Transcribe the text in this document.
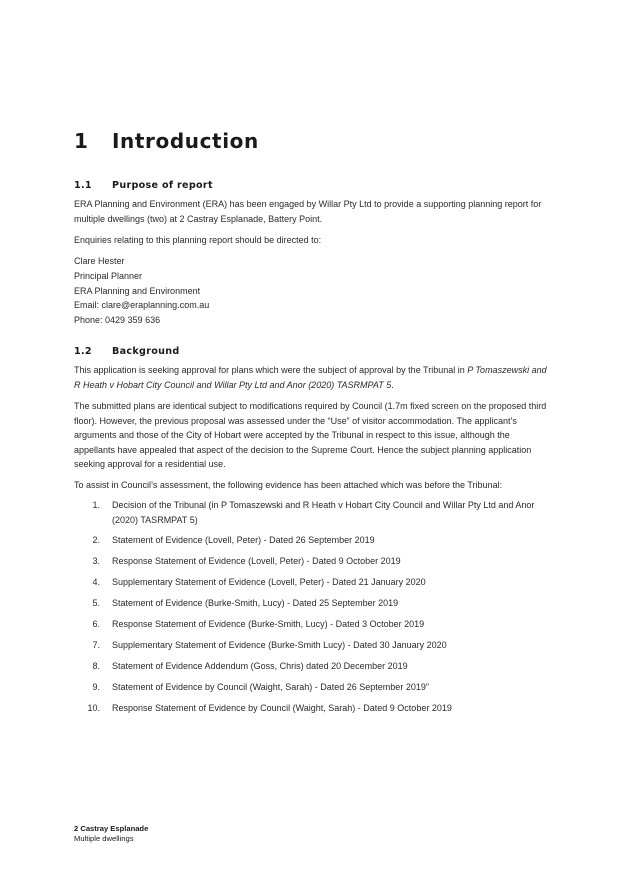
1 Introduction
1.1 Purpose of report

ERA Planning and Environment (ERA) has been engaged by Willar Pty Ltd to provide a supporting planning report for multiple dwellings (two) at 2 Castray Esplanade, Battery Point.

Enquiries relating to this planning report should be directed to:

Clare Hester
Principal Planner
ERA Planning and Environment
Email: clare@eraplanning.com.au
Phone: 0429 359 636
1.2 Background

This application is seeking approval for plans which were the subject of approval by the Tribunal in P Tomaszewski and R Heath v Hobart City Council and Willar Pty Ltd and Anor (2020) TASRMPAT 5.

The submitted plans are identical subject to modifications required by Council (1.7m fixed screen on the proposed third floor). However, the previous proposal was assessed under the “Use” of visitor accommodation. The applicant’s arguments and those of the City of Hobart were accepted by the Tribunal in respect to this issue, although the appellants have appealed that aspect of the decision to the Supreme Court. Hence the subject planning application seeking approval for a residential use.

To assist in Council’s assessment, the following evidence has been attached which was before the Tribunal:

1. Decision of the Tribunal (in P Tomaszewski and R Heath v Hobart City Council and Willar Pty Ltd and Anor (2020) TASRMPAT 5)
2. Statement of Evidence (Lovell, Peter) - Dated 26 September 2019
3. Response Statement of Evidence (Lovell, Peter) - Dated 9 October 2019
4. Supplementary Statement of Evidence (Lovell, Peter) - Dated 21 January 2020
5. Statement of Evidence (Burke-Smith, Lucy) - Dated 25 September 2019
6. Response Statement of Evidence (Burke-Smith, Lucy) - Dated 3 October 2019
7. Supplementary Statement of Evidence (Burke-Smith Lucy) - Dated 30 January 2020
8. Statement of Evidence Addendum (Goss, Chris) dated 20 December 2019
9. Statement of Evidence by Council (Waight, Sarah) - Dated 26 September 2019”
10. Response Statement of Evidence by Council (Waight, Sarah) - Dated 9 October 2019
2 Castray Esplanade
Multiple dwellings
